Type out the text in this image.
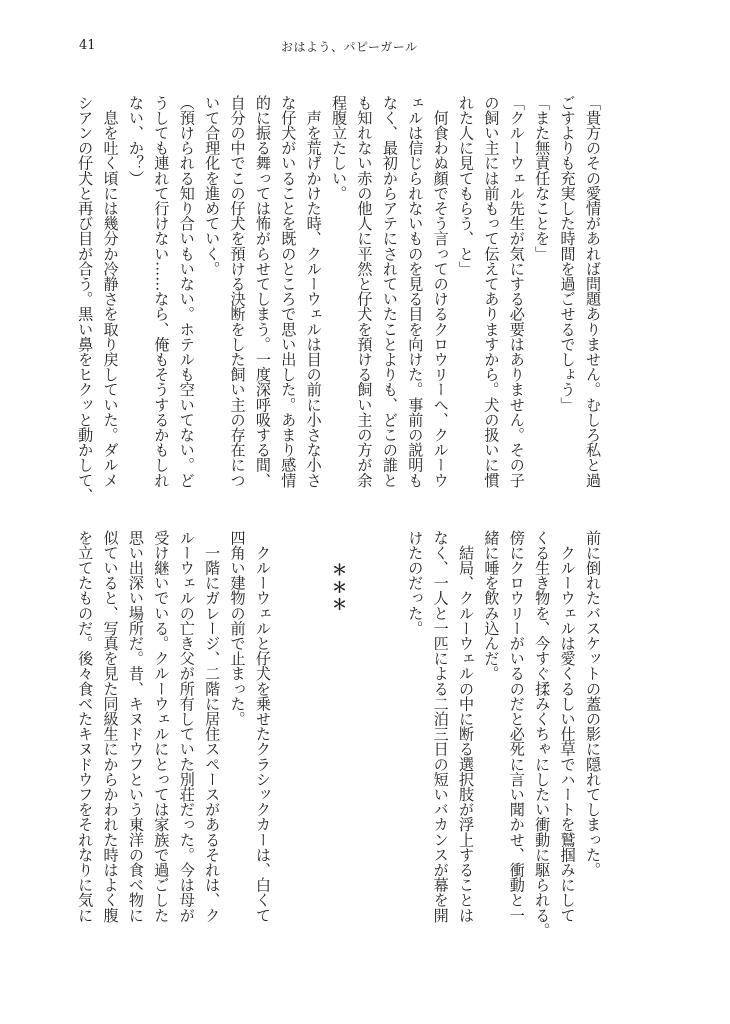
41	おはよう、パピーガール
「貴方のその愛情があれば問題ありません。むしろ私と過
ごすよりも充実した時間を過ごせるでしょう」
「また無責任なことを」
「クルーウェル先生が気にする必要はありません。その子
の飼い主には前もって伝えてありますから。犬の扱いに慣
れた人に見てもらう、と」
　何食わぬ顔でそう言ってのけるクロウリーへ、クルーウ
ェルは信じられないものを見る目を向けた。事前の説明も
なく、最初からアテにされていたことよりも、どこの誰と
も知れない赤の他人に平然と仔犬を預ける飼い主の方が余
程腹立たしい。
　声を荒げかけた時、クルーウェルは目の前に小さな小さ
な仔犬がいることを既のところで思い出した。あまり感情
的に振る舞っては怖がらせてしまう。一度深呼吸する間、
自分の中でこの仔犬を預ける決断をした飼い主の存在につ
いて合理化を進めていく。
（預けられる知り合いもいない。ホテルも空いてない。ど
うしても連れて行けない……なら、俺もそうするかもしれ
ない、か？）
　息を吐く頃には幾分か冷静さを取り戻していた。ダルメ
シアンの仔犬と再び目が合う。黒い鼻をヒクッと動かして、
前に倒れたバスケットの蓋の影に隠れてしまった。
　クルーウェルは愛くるしい仕草でハートを鷲掴みにして
くる生き物を、今すぐ揉みくちゃにしたい衝動に駆られる。
傍にクロウリーがいるのだと必死に言い聞かせ、衝動と一
緒に唾を飲み込んだ。
　結局、クルーウェルの中に断る選択肢が浮上することは
なく、一人と一匹による二泊三日の短いバカンスが幕を開
けたのだった。
＊＊＊
　クルーウェルと仔犬を乗せたクラシックカーは、白くて
四角い建物の前で止まった。
　一階にガレージ、二階に居住スペースがあるそれは、ク
ルーウェルの亡き父が所有していた別荘だった。今は母が
受け継いでいる。クルーウェルにとっては家族で過ごした
思い出深い場所だ。昔、キヌドウフという東洋の食べ物に
似ていると、写真を見た同級生にからかわれた時はよく腹
を立てたものだ。後々食べたキヌドウフをそれなりに気に
